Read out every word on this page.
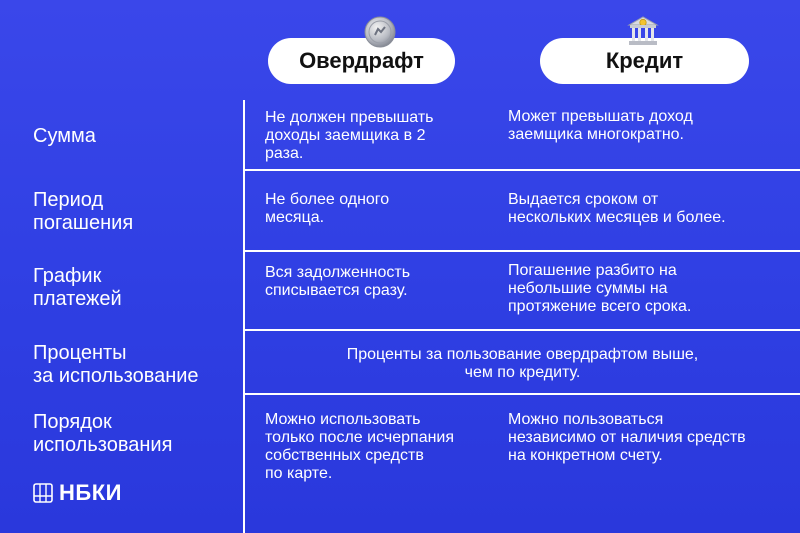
Овердрафт	Кредит
Сумма
Не должен превышать
доходы заемщика в 2
раза.
Может превышать доход
заемщика многократно.
Период
погашения
Не более одного
месяца.
Выдается сроком от
нескольких месяцев и более.
График
платежей
Вся задолженность
списывается сразу.
Погашение разбито на
небольшие суммы на
протяжение всего срока.
Проценты
за использование
Проценты за пользование овердрафтом выше,
чем по кредиту.
Порядок
использования
Можно использовать
только после исчерпания
собственных средств
по карте.
Можно пользоваться
независимо от наличия средств
на конкретном счету.
НБКИ
